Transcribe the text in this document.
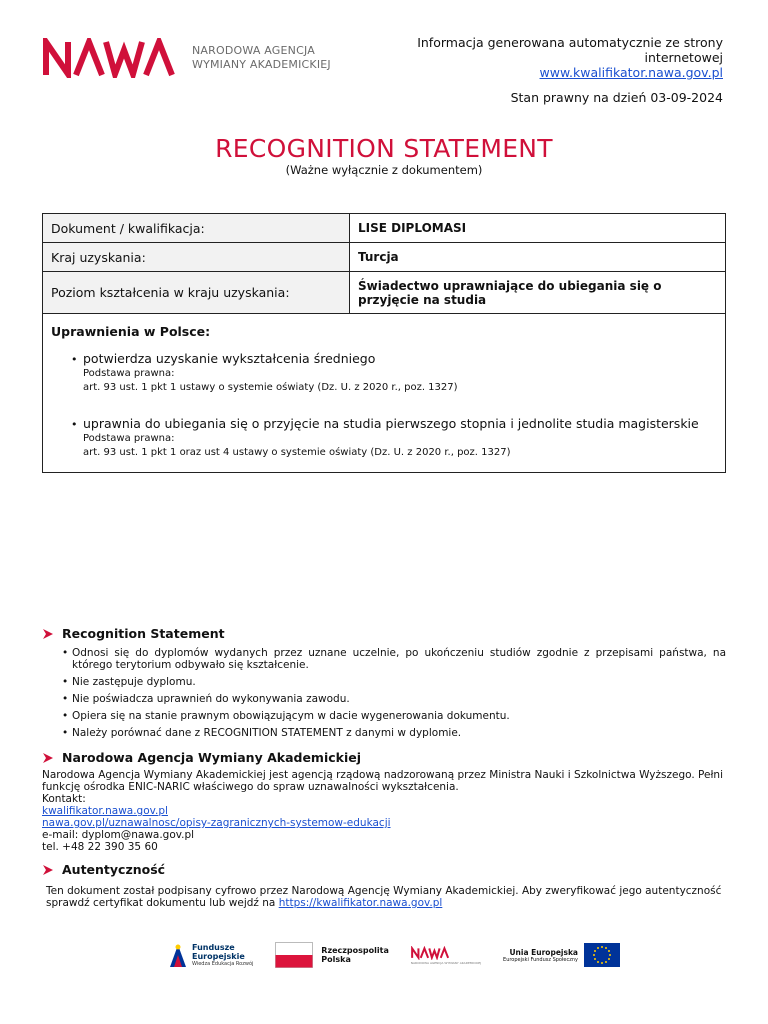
NARODOWA AGENCJA
WYMIANY AKADEMICKIEJ
Informacja generowana automatycznie ze strony
internetowej
www.kwalifikator.nawa.gov.pl
Stan prawny na dzień 03-09-2024
RECOGNITION STATEMENT
(Ważne wyłącznie z dokumentem)
Dokument / kwalifikacja:	LISE DIPLOMASI
Kraj uzyskania:	Turcja
Poziom kształcenia w kraju uzyskania:	Świadectwo uprawniające do ubiegania się o przyjęcie na studia
Uprawnienia w Polsce:
• potwierdza uzyskanie wykształcenia średniego
Podstawa prawna:
art. 93 ust. 1 pkt 1 ustawy o systemie oświaty (Dz. U. z 2020 r., poz. 1327)
• uprawnia do ubiegania się o przyjęcie na studia pierwszego stopnia i jednolite studia magisterskie
Podstawa prawna:
art. 93 ust. 1 pkt 1 oraz ust 4 ustawy o systemie oświaty (Dz. U. z 2020 r., poz. 1327)
Recognition Statement
• Odnosi się do dyplomów wydanych przez uznane uczelnie, po ukończeniu studiów zgodnie z przepisami państwa, na którego terytorium odbywało się kształcenie.
• Nie zastępuje dyplomu.
• Nie poświadcza uprawnień do wykonywania zawodu.
• Opiera się na stanie prawnym obowiązującym w dacie wygenerowania dokumentu.
• Należy porównać dane z RECOGNITION STATEMENT z danymi w dyplomie.
Narodowa Agencja Wymiany Akademickiej
Narodowa Agencja Wymiany Akademickiej jest agencją rządową nadzorowaną przez Ministra Nauki i Szkolnictwa Wyższego. Pełni
funkcję ośrodka ENIC-NARIC właściwego do spraw uznawalności wykształcenia.
Kontakt:
kwalifikator.nawa.gov.pl
nawa.gov.pl/uznawalnosc/opisy-zagranicznych-systemow-edukacji
e-mail: dyplom@nawa.gov.pl
tel. +48 22 390 35 60
Autentyczność
Ten dokument został podpisany cyfrowo przez Narodową Agencję Wymiany Akademickiej. Aby zweryfikować jego autentyczność
sprawdź certyfikat dokumentu lub wejdź na https://kwalifikator.nawa.gov.pl
Fundusze
Europejskie
Wiedza Edukacja Rozwój
Rzeczpospolita
Polska	NARODOWA AGENCJA WYMIANY AKADEMICKIEJ
Unia Europejska
Europejski Fundusz Społeczny
